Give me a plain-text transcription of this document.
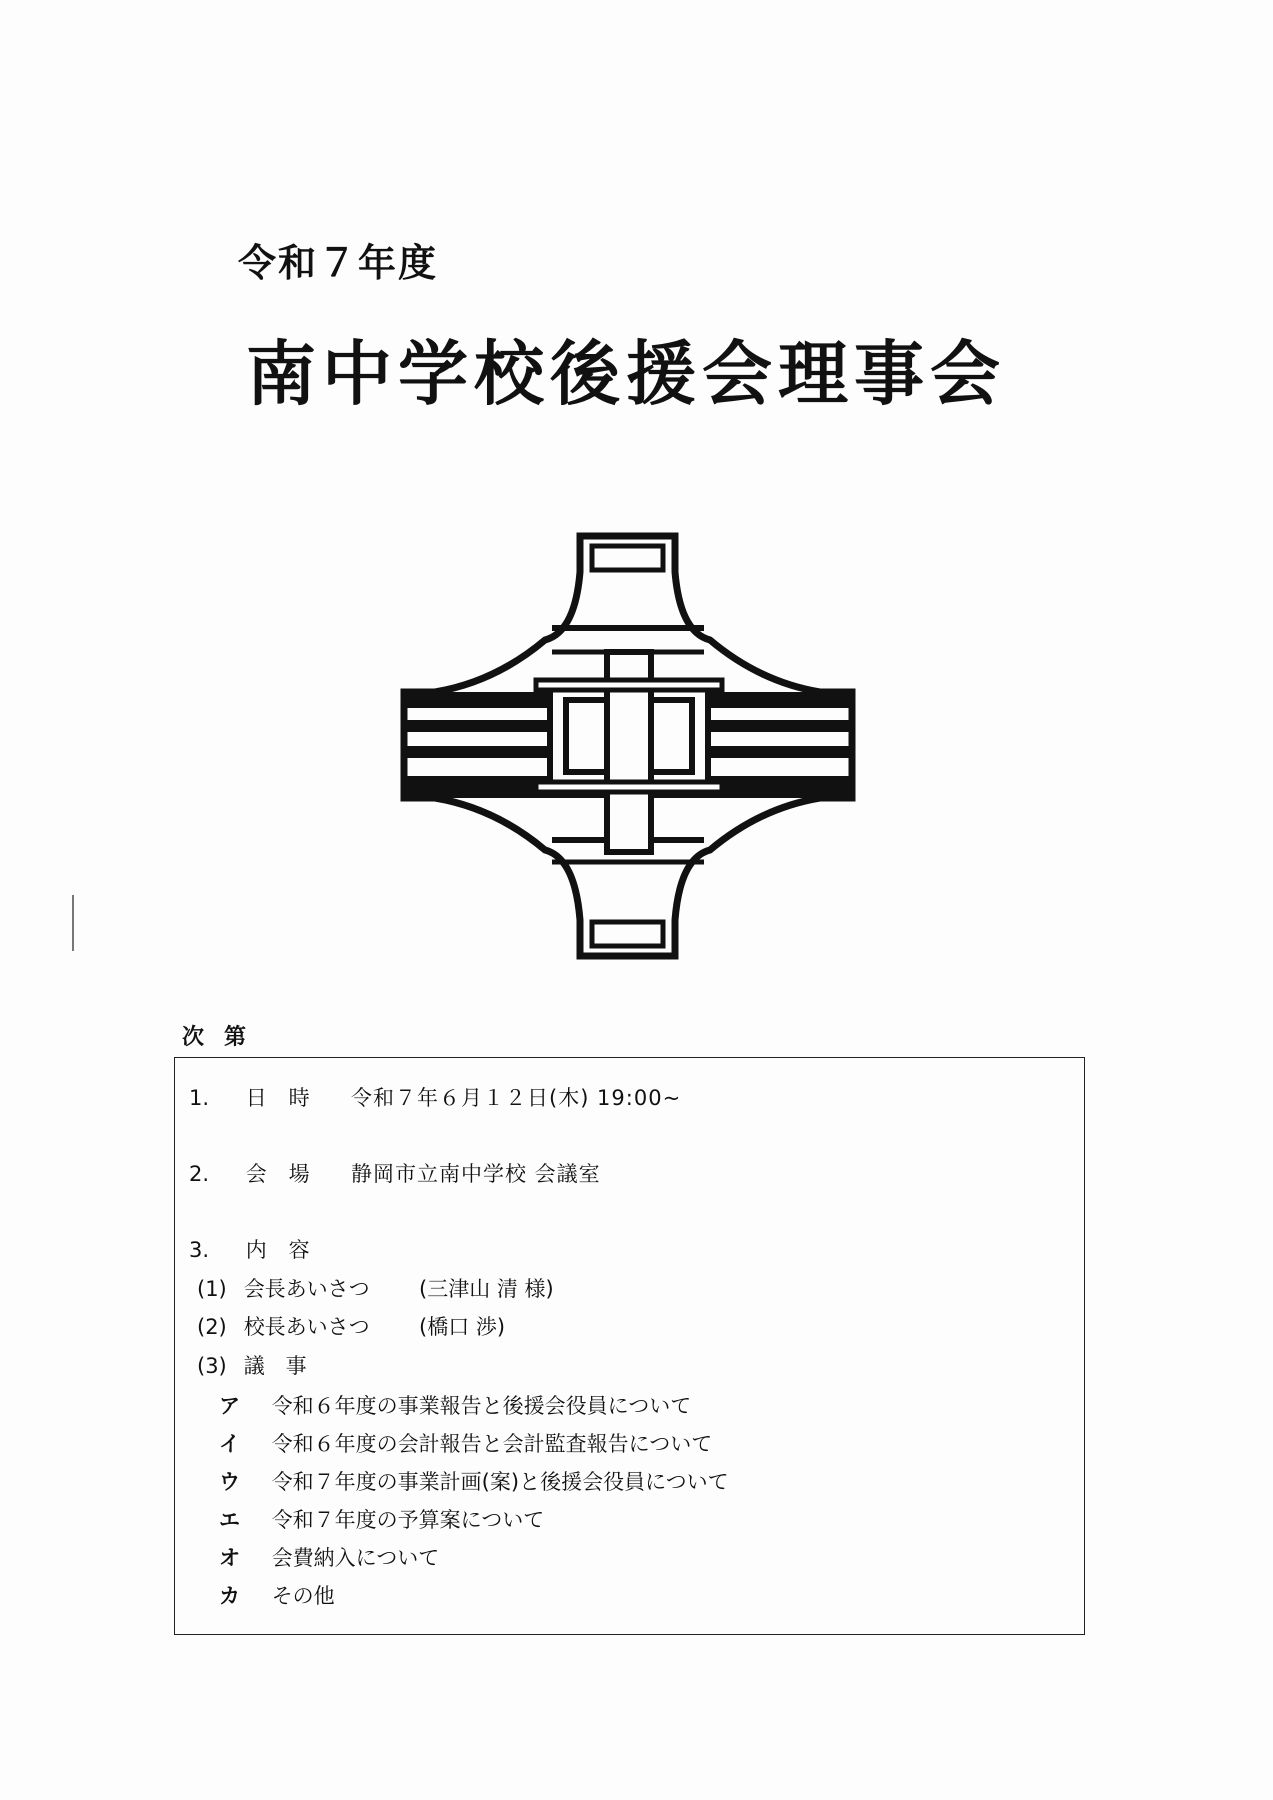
令和７年度
南中学校後援会理事会
次第
1. 日時 令和７年６月１２日(木) 19:00~
2. 会場 静岡市立南中学校 会議室
3. 内容
(1) 会長あいさつ (三津山 清 様)
(2) 校長あいさつ (橋口 渉)
(3) 議　事
ア 令和６年度の事業報告と後援会役員について
イ 令和６年度の会計報告と会計監査報告について
ウ 令和７年度の事業計画(案)と後援会役員について
エ 令和７年度の予算案について
オ 会費納入について
カ その他
